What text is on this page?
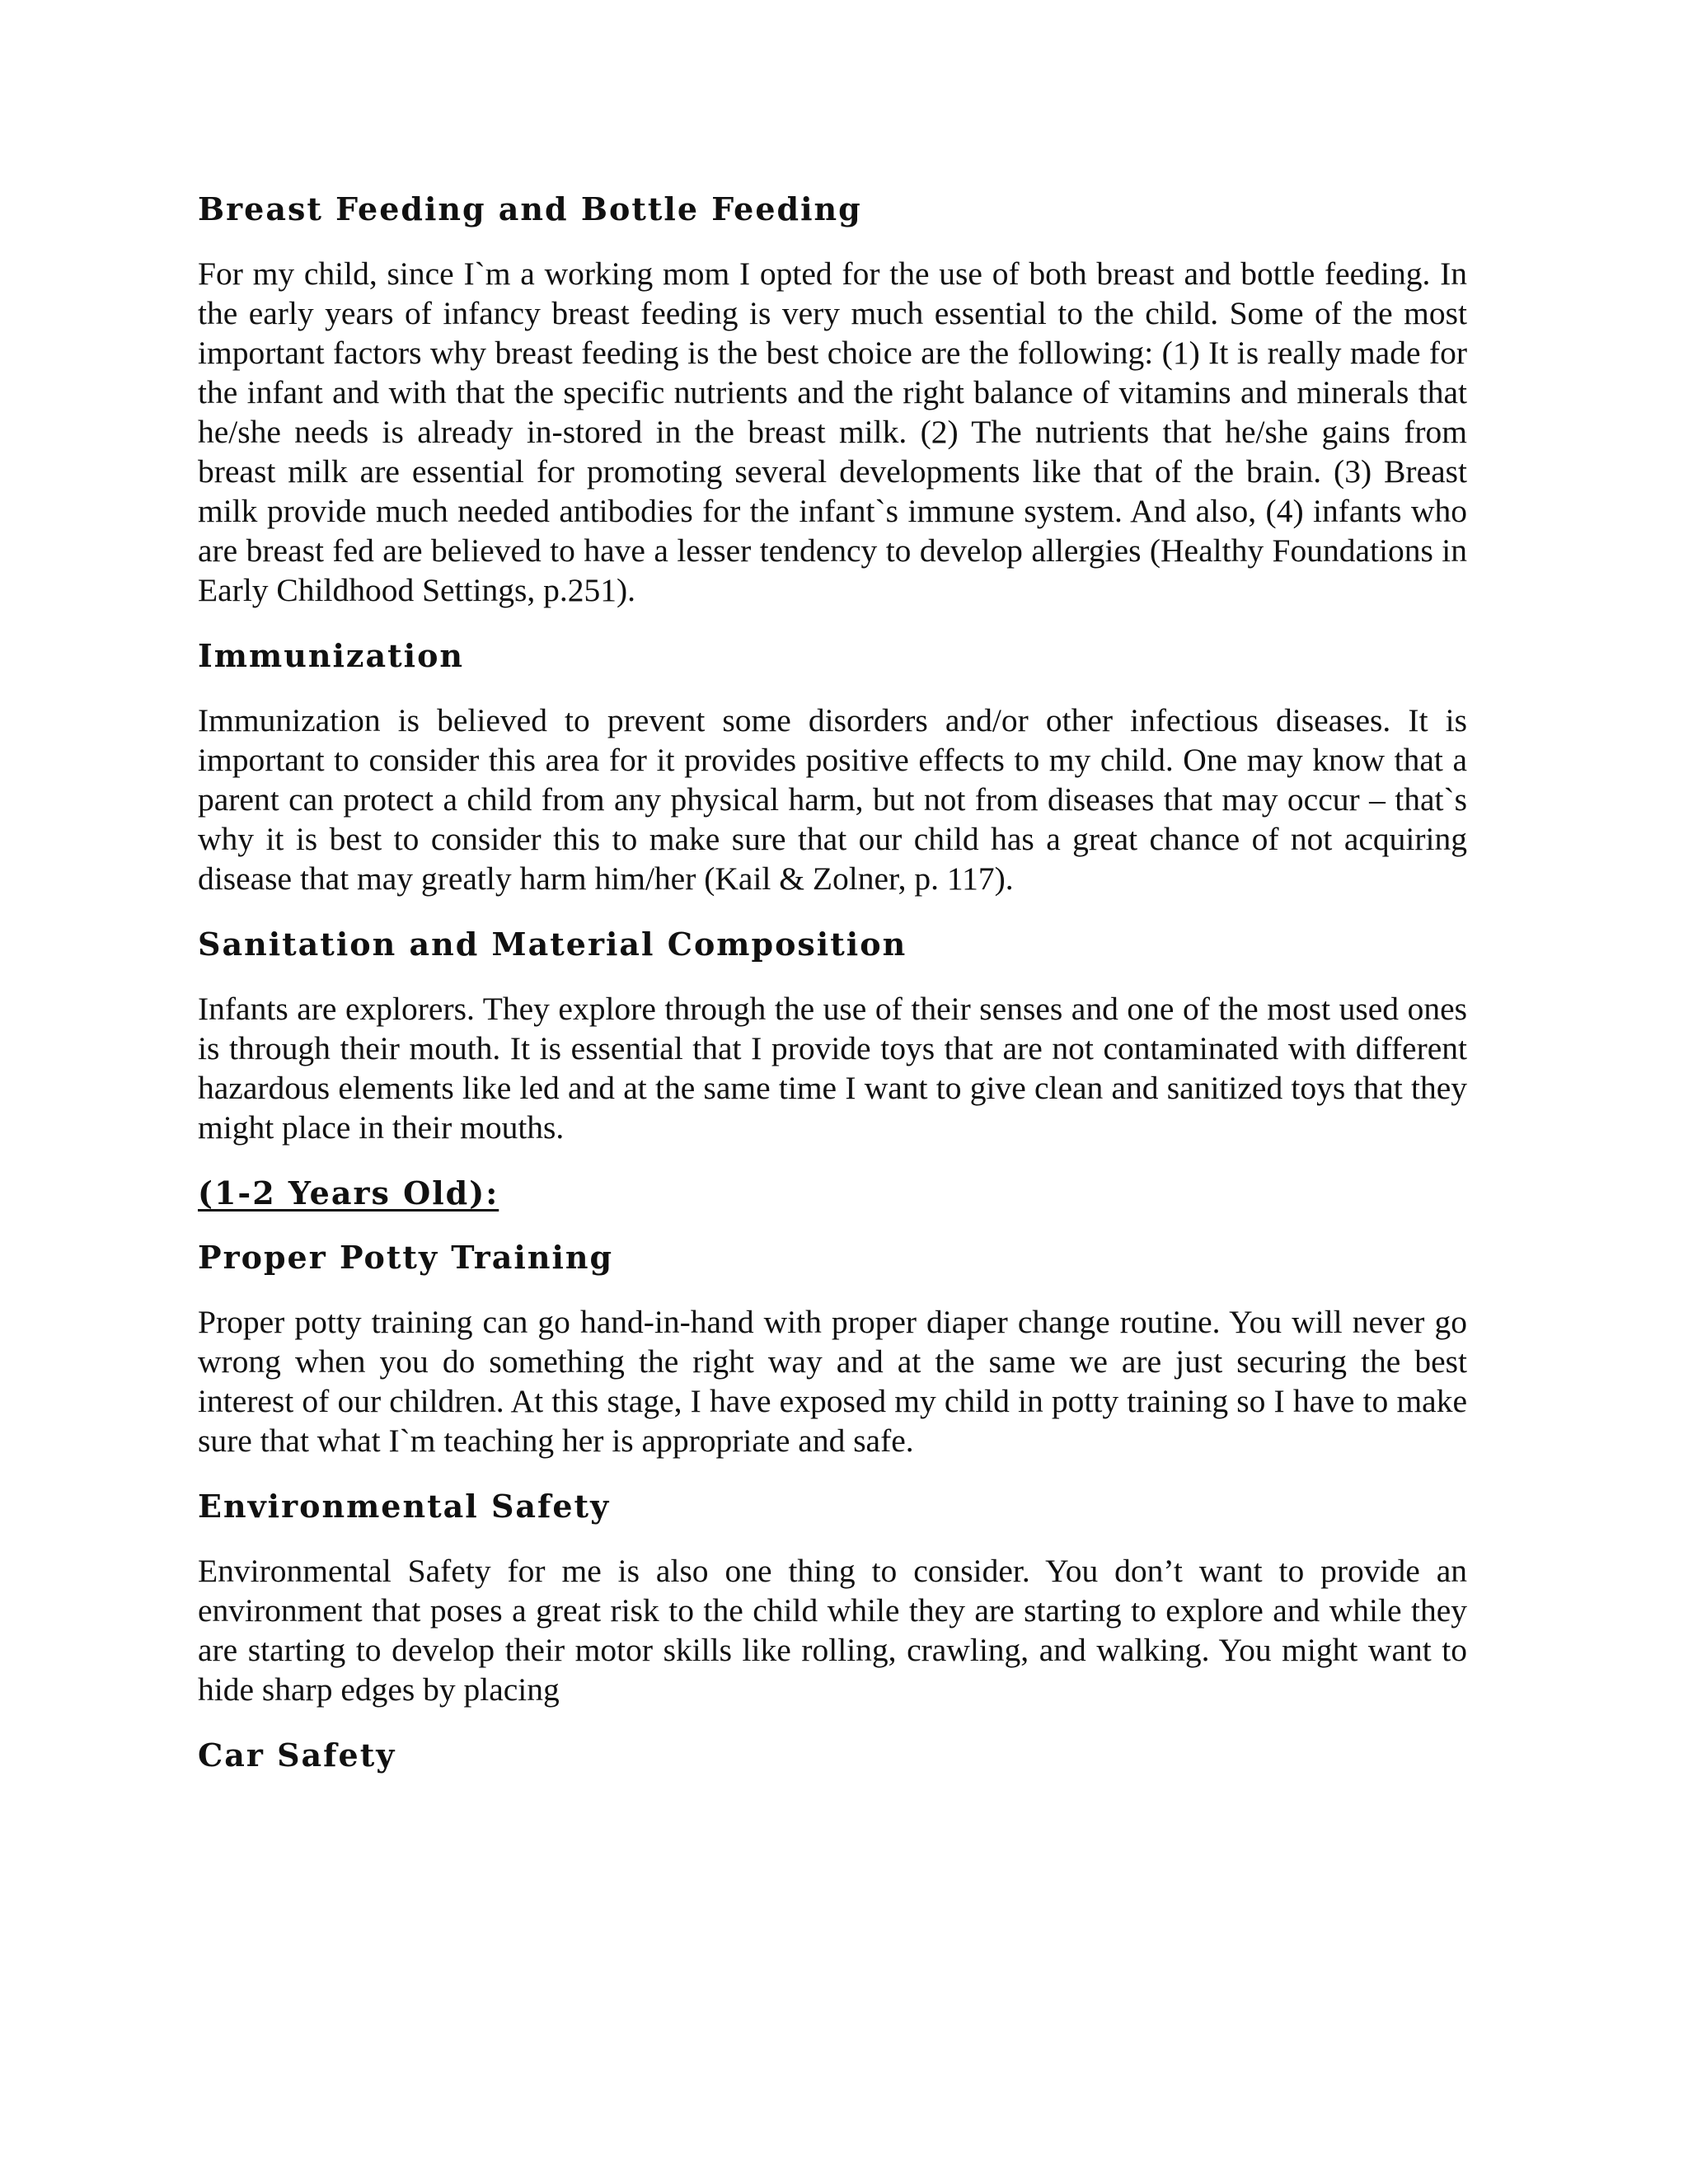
Breast Feeding and Bottle Feeding

For my child, since I`m a working mom I opted for the use of both breast and bottle feeding. In the early years of infancy breast feeding is very much essential to the child. Some of the most important factors why breast feeding is the best choice are the following: (1) It is really made for the infant and with that the specific nutrients and the right balance of vitamins and minerals that he/she needs is already in-stored in the breast milk. (2) The nutrients that he/she gains from breast milk are essential for promoting several developments like that of the brain. (3) Breast milk provide much needed antibodies for the infant`s immune system. And also, (4) infants who are breast fed are believed to have a lesser tendency to develop allergies (Healthy Foundations in Early Childhood Settings, p.251).

Immunization

Immunization is believed to prevent some disorders and/or other infectious diseases. It is important to consider this area for it provides positive effects to my child. One may know that a parent can protect a child from any physical harm, but not from diseases that may occur – that`s why it is best to consider this to make sure that our child has a great chance of not acquiring disease that may greatly harm him/her (Kail & Zolner, p. 117).

Sanitation and Material Composition

Infants are explorers. They explore through the use of their senses and one of the most used ones is through their mouth. It is essential that I provide toys that are not contaminated with different hazardous elements like led and at the same time I want to give clean and sanitized toys that they might place in their mouths.

(1-2 Years Old):
Proper Potty Training

Proper potty training can go hand-in-hand with proper diaper change routine. You will never go wrong when you do something the right way and at the same we are just securing the best interest of our children. At this stage, I have exposed my child in potty training so I have to make sure that what I`m teaching her is appropriate and safe.

Environmental Safety

Environmental Safety for me is also one thing to consider. You don’t want to provide an environment that poses a great risk to the child while they are starting to explore and while they are starting to develop their motor skills like rolling, crawling, and walking. You might want to hide sharp edges by placing

Car Safety
